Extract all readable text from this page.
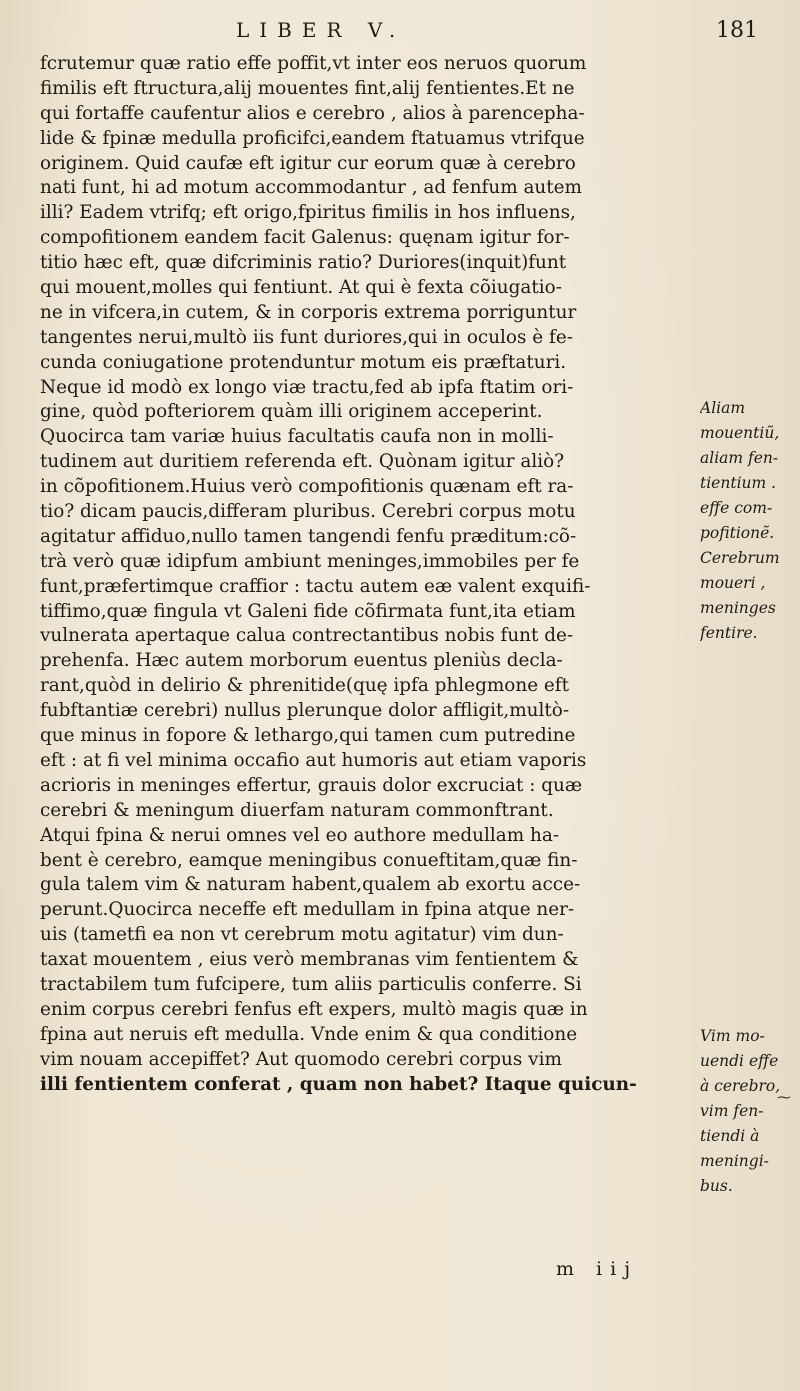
LIBER V.	181
fcrutemur quæ ratio effe poffit,vt inter eos neruos quorum
fimilis eft ftructura,alij mouentes fint,alij fentientes.Et ne
qui fortaffe caufentur alios e cerebro , alios à parencepha-
lide & fpinæ medulla proficifci,eandem ftatuamus vtrifque
originem. Quid caufæ eft igitur cur eorum quæ à cerebro
nati funt, hi ad motum accommodantur , ad fenfum autem
illi? Eadem vtrifq; eft origo,fpiritus fimilis in hos influens,
compofitionem eandem facit Galenus: quęnam igitur for-
titio hæc eft, quæ difcriminis ratio? Duriores(inquit)funt
qui mouent,molles qui fentiunt. At qui è fexta cõiugatio-
ne in vifcera,in cutem, & in corporis extrema porriguntur
tangentes nerui,multò iis funt duriores,qui in oculos è fe-
cunda coniugatione protenduntur motum eis præftaturi.
Neque id modò ex longo viæ tractu,fed ab ipfa ftatim ori-
gine, quòd pofteriorem quàm illi originem acceperint.
Quocirca tam variæ huius facultatis caufa non in molli-
tudinem aut duritiem referenda eft. Quònam igitur aliò?
in cõpofitionem.Huius verò compofitionis quænam eft ra-
tio? dicam paucis,differam pluribus. Cerebri corpus motu
agitatur affiduo,nullo tamen tangendi fenfu præditum:cõ-
trà verò quæ idipfum ambiunt meninges,immobiles per fe
funt,præfertimque craffior : tactu autem eæ valent exquifi-
tiffimo,quæ fingula vt Galeni fide cõfirmata funt,ita etiam
vulnerata apertaque calua contrectantibus nobis funt de-
prehenfa. Hæc autem morborum euentus pleniùs decla-
rant,quòd in delirio & phrenitide(quę ipfa phlegmone eft
fubftantiæ cerebri) nullus plerunque dolor affligit,multò-
que minus in fopore & lethargo,qui tamen cum putredine
eft : at fi vel minima occafio aut humoris aut etiam vaporis
acrioris in meninges effertur, grauis dolor excruciat : quæ
cerebri & meningum diuerfam naturam commonftrant.
Atqui fpina & nerui omnes vel eo authore medullam ha-
bent è cerebro, eamque meningibus conueftitam,quæ fin-
gula talem vim & naturam habent,qualem ab exortu acce-
perunt.Quocirca neceffe eft medullam in fpina atque ner-
uis (tametfi ea non vt cerebrum motu agitatur) vim dun-
taxat mouentem , eius verò membranas vim fentientem &
tractabilem tum fufcipere, tum aliis particulis conferre. Si
enim corpus cerebri fenfus eft expers, multò magis quæ in
fpina aut neruis eft medulla. Vnde enim & qua conditione
vim nouam accepiffet? Aut quomodo cerebri corpus vim
illi fentientem conferat , quam non habet? Itaque quicun-
Aliam
mouentiũ,
aliam fen-
tientium .
effe com-
pofitionẽ.
Cerebrum
moueri ,
meninges
fentire.
Vim mo-
uendi effe
à cerebro,
vim fen-
tiendi à
meningi-
bus.
⁓
m iij
